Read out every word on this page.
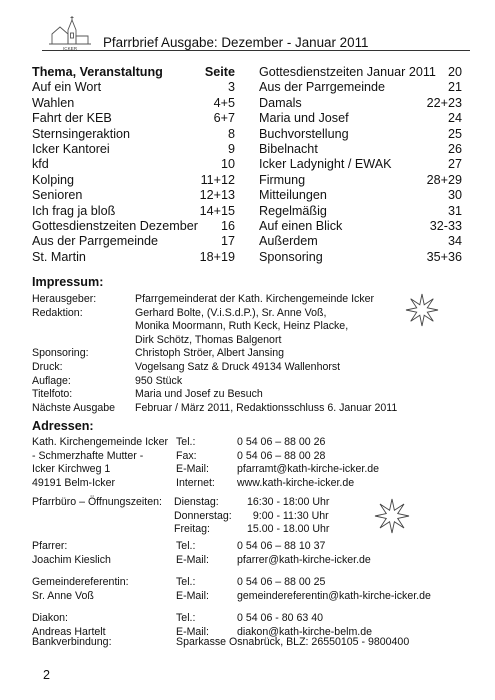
ICKER Pfarrbrief Ausgabe: Dezember - Januar 2011
Thema, Veranstaltung	Seite
Auf ein Wort	3
Wahlen	4+5
Fahrt der KEB	6+7
Sternsingeraktion	8
Icker Kantorei	9
kfd	10
Kolping	11+12
Senioren	12+13
Ich frag ja bloß	14+15
Gottesdienstzeiten Dezember 16
Aus der Parrgemeinde	17
St. Martin	18+19
Gottesdienstzeiten Januar 2011 20
Aus der Parrgemeinde	21
Damals	22+23
Maria und Josef	24
Buchvorstellung	25
Bibelnacht	26
Icker Ladynight / EWAK	27
Firmung	28+29
Mitteilungen	30
Regelmäßig	31
Auf einen Blick	32-33
Außerdem	34
Sponsoring	35+36
Impressum:
Herausgeber:	Pfarrgemeinderat der Kath. Kirchengemeinde Icker
Redaktion:	Gerhard Bolte, (V.i.S.d.P.), Sr. Anne Voß,
Monika Moormann, Ruth Keck, Heinz Placke,
Dirk Schötz, Thomas Balgenort
Sponsoring:	Christoph Ströer, Albert Jansing
Druck:	Vogelsang Satz & Druck 49134 Wallenhorst
Auflage:	950 Stück
Titelfoto:	Maria und Josef zu Besuch
Nächste Ausgabe	Februar / März 2011, Redaktionsschluss 6. Januar 2011
Adressen:
Kath. Kirchengemeinde Icker Tel.:	0 54 06 – 88 00 26
- Schmerzhafte Mutter -	Fax:	0 54 06 – 88 00 28
Icker Kirchweg 1	E-Mail:	pfarramt@kath-kirche-icker.de
49191 Belm-Icker	Internet:	www.kath-kirche-icker.de
Pfarrbüro – Öffnungszeiten:	Dienstag:	16:30 - 18:00 Uhr
Donnerstag:	9:00 - 11:30 Uhr
Freitag:	15.00 - 18.00 Uhr
Pfarrer:	Tel.:	0 54 06 – 88 10 37
Joachim Kieslich	E-Mail:	pfarrer@kath-kirche-icker.de
Gemeindereferentin:	Tel.:	0 54 06 – 88 00 25
Sr. Anne Voß	E-Mail:	gemeindereferentin@kath-kirche-icker.de
Diakon:	Tel.:	0 54 06 - 80 63 40
Andreas Hartelt	E-Mail:	diakon@kath-kirche-belm.de
Bankverbindung:	Sparkasse Osnabrück, BLZ: 26550105 - 9800400
2
